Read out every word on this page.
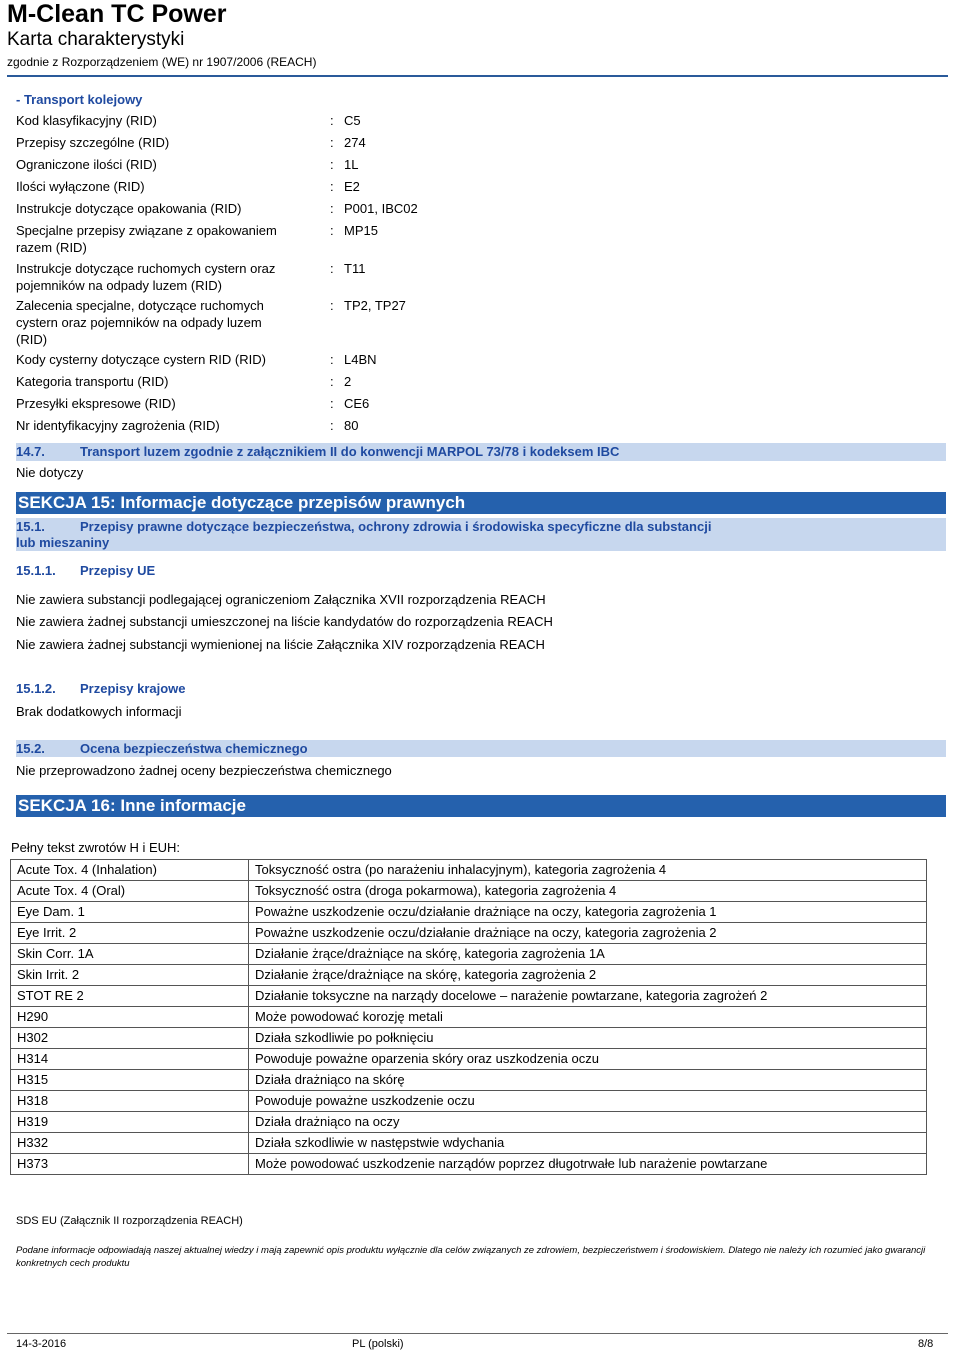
M-Clean TC Power
Karta charakterystyki
zgodnie z Rozporządzeniem (WE) nr 1907/2006 (REACH)
- Transport kolejowy
Kod klasyfikacyjny (RID)	: C5
Przepisy szczególne (RID)	: 274
Ograniczone ilości (RID)	: 1L
Ilości wyłączone (RID)	: E2
Instrukcje dotyczące opakowania (RID)	: P001, IBC02
Specjalne przepisy związane z opakowaniem razem (RID)
: MP15
Instrukcje dotyczące ruchomych cystern oraz pojemników na odpady luzem (RID)
: T11
Zalecenia specjalne, dotyczące ruchomych cystern oraz pojemników na odpady luzem (RID)
: TP2, TP27
Kody cysterny dotyczące cystern RID (RID)	: L4BN
Kategoria transportu (RID)	: 2
Przesyłki ekspresowe (RID)	: CE6
Nr identyfikacyjny zagrożenia (RID)	: 80
14.7.	Transport luzem zgodnie z załącznikiem II do konwencji MARPOL 73/78 i kodeksem IBC
Nie dotyczy
SEKCJA 15: Informacje dotyczące przepisów prawnych
15.1.	Przepisy prawne dotyczące bezpieczeństwa, ochrony zdrowia i środowiska specyficzne dla substancji
lub mieszaniny
15.1.1. Przepisy UE
Nie zawiera substancji podlegającej ograniczeniom Załącznika XVII rozporządzenia REACH
Nie zawiera żadnej substancji umieszczonej na liście kandydatów do rozporządzenia REACH
Nie zawiera żadnej substancji wymienionej na liście Załącznika XIV rozporządzenia REACH
15.1.2. Przepisy krajowe
Brak dodatkowych informacji
15.2.	Ocena bezpieczeństwa chemicznego
Nie przeprowadzono żadnej oceny bezpieczeństwa chemicznego
SEKCJA 16: Inne informacje
Pełny tekst zwrotów H i EUH:
Acute Tox. 4 (Inhalation)	Toksyczność ostra (po narażeniu inhalacyjnym), kategoria zagrożenia 4
Acute Tox. 4 (Oral)	Toksyczność ostra (droga pokarmowa), kategoria zagrożenia 4
Eye Dam. 1	Poważne uszkodzenie oczu/działanie drażniące na oczy, kategoria zagrożenia 1
Eye Irrit. 2	Poważne uszkodzenie oczu/działanie drażniące na oczy, kategoria zagrożenia 2
Skin Corr. 1A	Działanie żrące/drażniące na skórę, kategoria zagrożenia 1A
Skin Irrit. 2	Działanie żrące/drażniące na skórę, kategoria zagrożenia 2
STOT RE 2	Działanie toksyczne na narządy docelowe – narażenie powtarzane, kategoria zagrożeń 2
H290	Może powodować korozję metali
H302	Działa szkodliwie po połknięciu
H314	Powoduje poważne oparzenia skóry oraz uszkodzenia oczu
H315	Działa drażniąco na skórę
H318	Powoduje poważne uszkodzenie oczu
H319	Działa drażniąco na oczy
H332	Działa szkodliwie w następstwie wdychania
H373	Może powodować uszkodzenie narządów poprzez długotrwałe lub narażenie powtarzane
SDS EU (Załącznik II rozporządzenia REACH)
Podane informacje odpowiadają naszej aktualnej wiedzy i mają zapewnić opis produktu wyłącznie dla celów związanych ze zdrowiem, bezpieczeństwem i środowiskiem. Dlatego nie należy ich rozumieć jako gwarancji konkretnych cech produktu
14-3-2016	PL (polski)	8/8
